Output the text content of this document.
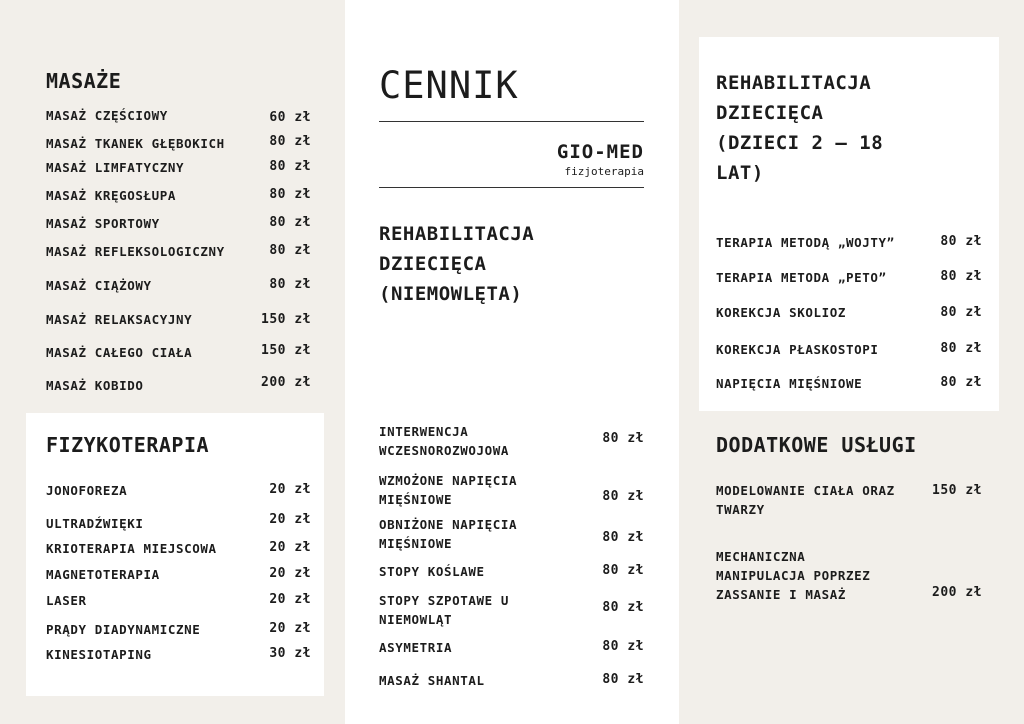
MASAŻE
MASAŻ CZĘŚCIOWY	60 zł
MASAŻ TKANEK GŁĘBOKICH	80 zł
MASAŻ LIMFATYCZNY	80 zł
MASAŻ KRĘGOSŁUPA	80 zł
MASAŻ SPORTOWY	80 zł
MASAŻ REFLEKSOLOGICZNY	80 zł
MASAŻ CIĄŻOWY	80 zł
MASAŻ RELAKSACYJNY	150 zł
MASAŻ CAŁEGO CIAŁA	150 zł
MASAŻ KOBIDO	200 zł
FIZYKOTERAPIA
JONOFOREZA	20 zł
ULTRADŹWIĘKI	20 zł
KRIOTERAPIA MIEJSCOWA	20 zł
MAGNETOTERAPIA	20 zł
LASER	20 zł
PRĄDY DIADYNAMICZNE	20 zł
KINESIOTAPING	30 zł
CENNIK
GIO-MED
fizjoterapia
REHABILITACJA
DZIECIĘCA
(NIEMOWLĘTA)
INTERWENCJA
WCZESNOROZWOJOWA
80 zł
WZMOŻONE NAPIĘCIA
MIĘŚNIOWE	80 zł
OBNIŻONE NAPIĘCIA
MIĘŚNIOWE	80 zł
STOPY KOŚLAWE	80 zł
STOPY SZPOTAWE U
NIEMOWLĄT
80 zł
ASYMETRIA	80 zł
MASAŻ SHANTAL	80 zł
REHABILITACJA
DZIECIĘCA
(DZIECI 2 – 18
LAT)
TERAPIA METODĄ „WOJTY”	80 zł
TERAPIA METODA „PETO”	80 zł
KOREKCJA SKOLIOZ	80 zł
KOREKCJA PŁASKOSTOPI	80 zł
NAPIĘCIA MIĘŚNIOWE	80 zł
DODATKOWE USŁUGI
MODELOWANIE CIAŁA ORAZ
TWARZY
150 zł
MECHANICZNA
MANIPULACJA POPRZEZ
ZASSANIE I MASAŻ	200 zł
